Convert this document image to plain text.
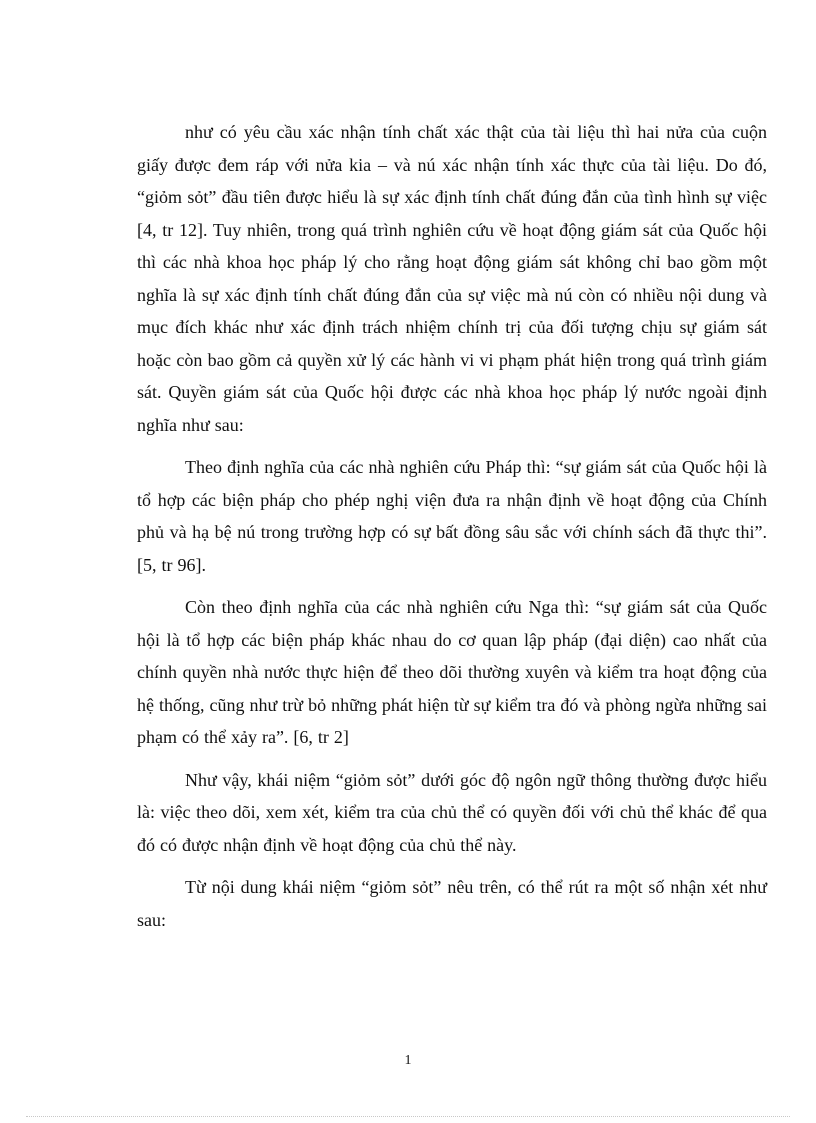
như có yêu cầu xác nhận tính chất xác thật của tài liệu thì hai nửa của cuộn giấy được đem ráp với nửa kia – và nú xác nhận tính xác thực của tài liệu. Do đó, “giỏm sỏt” đầu tiên được hiểu là sự xác định tính chất đúng đắn của tình hình sự việc [4, tr 12]. Tuy nhiên, trong quá trình nghiên cứu về hoạt động giám sát của Quốc hội thì các nhà khoa học pháp lý cho rằng hoạt động giám sát không chỉ bao gồm một nghĩa là sự xác định tính chất đúng đắn của sự việc mà nú còn có nhiều nội dung và mục đích khác như xác định trách nhiệm chính trị của đối tượng chịu sự giám sát hoặc còn bao gồm cả quyền xử lý các hành vi vi phạm phát hiện trong quá trình giám sát. Quyền giám sát của Quốc hội được các nhà khoa học pháp lý nước ngoài định nghĩa như sau:

Theo định nghĩa của các nhà nghiên cứu Pháp thì: “sự giám sát của Quốc hội là tổ hợp các biện pháp cho phép nghị viện đưa ra nhận định về hoạt động của Chính phủ và hạ bệ nú trong trường hợp có sự bất đồng sâu sắc với chính sách đã thực thi”. [5, tr 96].

Còn theo định nghĩa của các nhà nghiên cứu Nga thì: “sự giám sát của Quốc hội là tổ hợp các biện pháp khác nhau do cơ quan lập pháp (đại diện) cao nhất của chính quyền nhà nước thực hiện để theo dõi thường xuyên và kiểm tra hoạt động của hệ thống, cũng như trừ bỏ những phát hiện từ sự kiểm tra đó và phòng ngừa những sai phạm có thể xảy ra”. [6, tr 2]

Như vậy, khái niệm “giỏm sỏt” dưới góc độ ngôn ngữ thông thường được hiểu là: việc theo dõi, xem xét, kiểm tra của chủ thể có quyền đối với chủ thể khác để qua đó có được nhận định về hoạt động của chủ thể này.

Từ nội dung khái niệm “giỏm sỏt” nêu trên, có thể rút ra một số nhận xét như sau:

1
